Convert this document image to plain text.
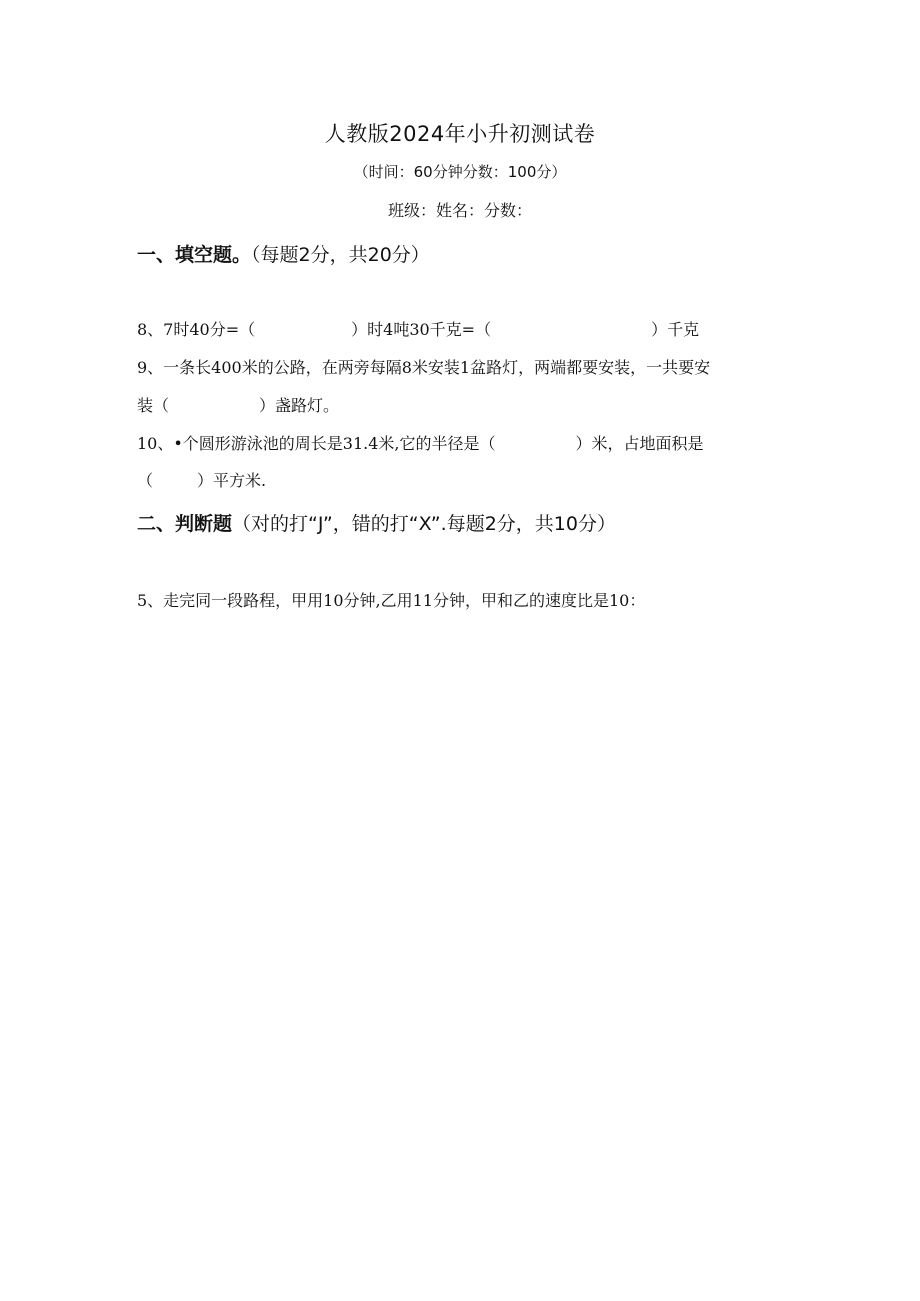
人教版2024年小升初测试卷
（时间：60分钟分数：100分）
班级：姓名：分数：
一、填空题。（每题2分，共20分）
8、7时40分=（	）时4吨30千克=（	）千克
9、一条长400米的公路，在两旁每隔8米安装1盆路灯，两端都要安装，一共要安
装（	）盏路灯。
10、•个圆形游泳池的周长是31.4米,它的半径是（	）米，占地面积是
（	）平方米.
二、判断题（对的打“J”，错的打“X”.每题2分，共10分）
5、走完同一段路程，甲用10分钟,乙用11分钟，甲和乙的速度比是10：
